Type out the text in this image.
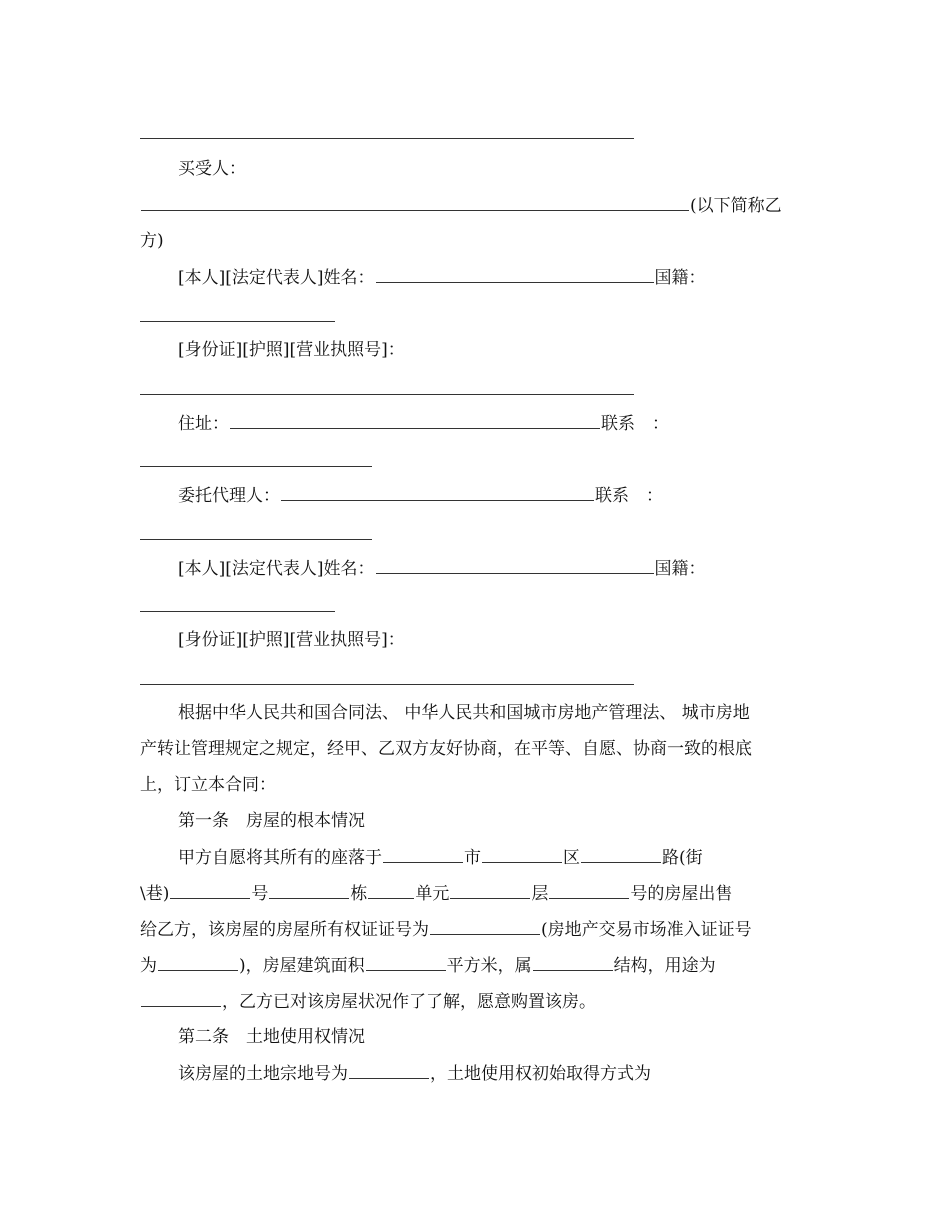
买受人：
(以下简称乙
方)
[本人][法定代表人]姓名：	国籍：
[身份证][护照][营业执照号]：
住址：	联系　：
委托代理人：	联系　：
[本人][法定代表人]姓名：	国籍：
[身份证][护照][营业执照号]：
根据中华人民共和国合同法、 中华人民共和国城市房地产管理法、 城市房地
产转让管理规定之规定，经甲、乙双方友好协商，在平等、自愿、协商一致的根底
上，订立本合同：
第一条　房屋的根本情况
甲方自愿将其所有的座落于	市	区	路(街
\巷)	号	栋	单元	层	号的房屋出售
给乙方，该房屋的房屋所有权证证号为	(房地产交易市场准入证证号
为	)，房屋建筑面积	平方米，属	结构，用途为
，乙方已对该房屋状况作了了解，愿意购置该房。
第二条　土地使用权情况
该房屋的土地宗地号为	，土地使用权初始取得方式为
